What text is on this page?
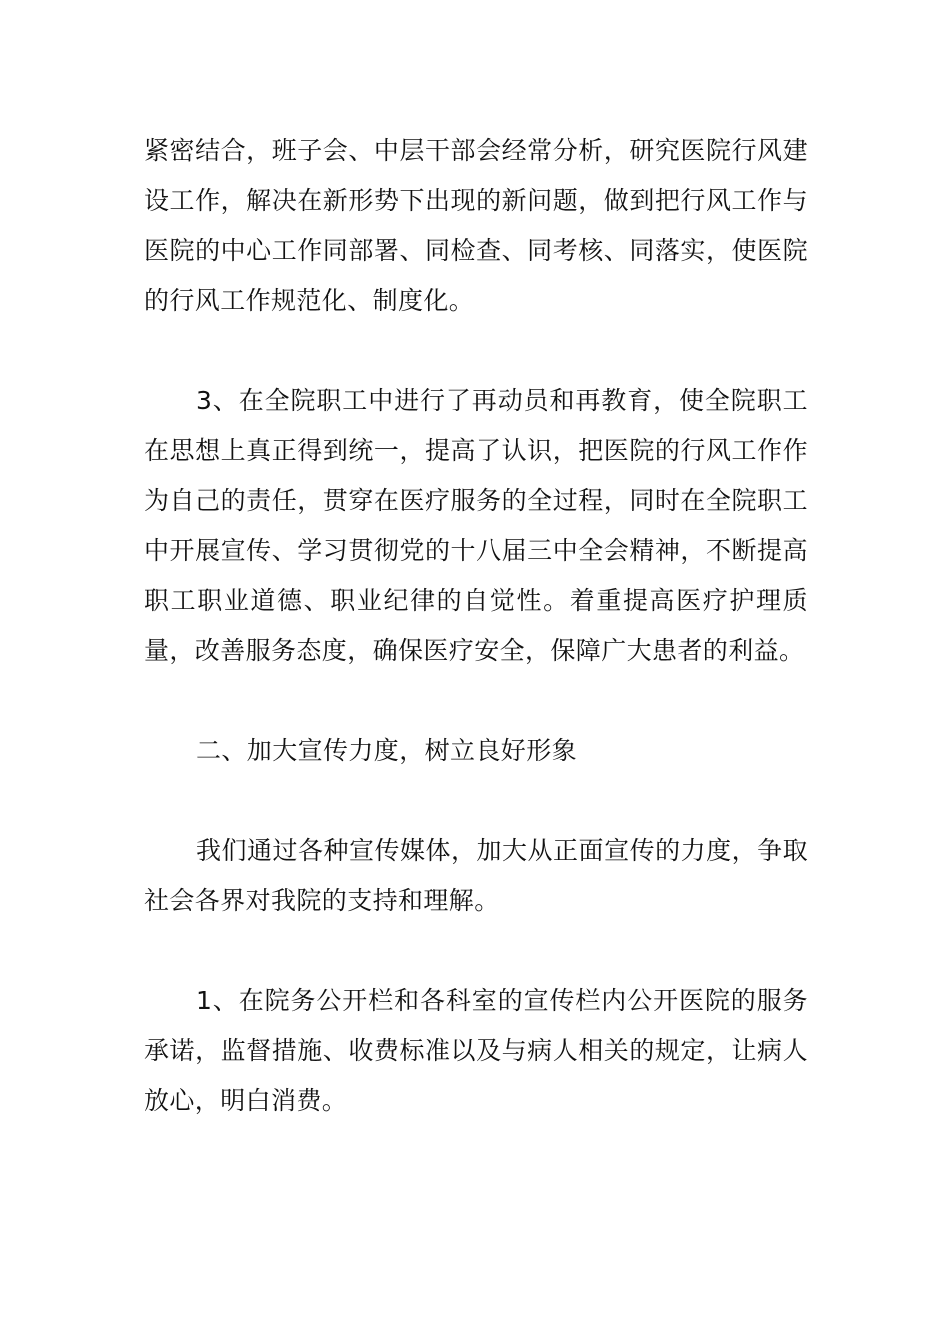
紧密结合，班子会、中层干部会经常分析，研究医院行风建设工作，解决在新形势下出现的新问题，做到把行风工作与医院的中心工作同部署、同检查、同考核、同落实，使医院的行风工作规范化、制度化。

3、在全院职工中进行了再动员和再教育，使全院职工在思想上真正得到统一，提高了认识，把医院的行风工作作为自己的责任，贯穿在医疗服务的全过程，同时在全院职工中开展宣传、学习贯彻党的十八届三中全会精神，不断提高职工职业道德、职业纪律的自觉性。着重提高医疗护理质量，改善服务态度，确保医疗安全，保障广大患者的利益。

二、加大宣传力度，树立良好形象

我们通过各种宣传媒体，加大从正面宣传的力度，争取社会各界对我院的支持和理解。

1、在院务公开栏和各科室的宣传栏内公开医院的服务承诺，监督措施、收费标准以及与病人相关的规定，让病人放心，明白消费。
